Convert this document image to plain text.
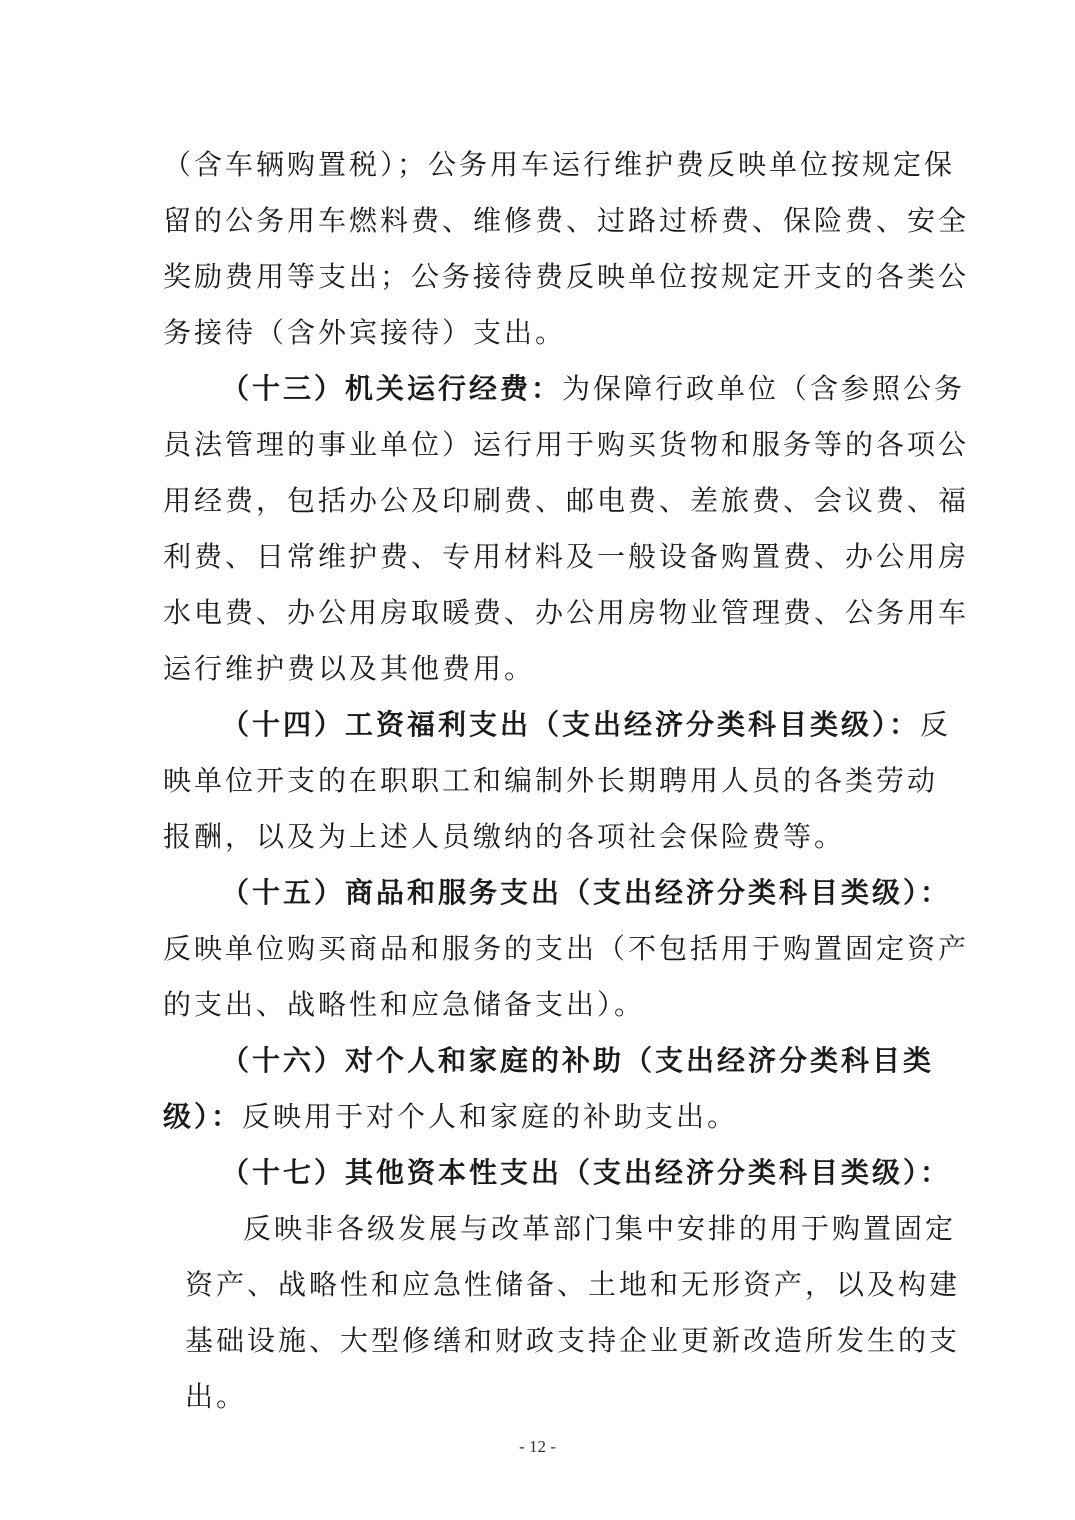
（含车辆购置税）；公务用车运行维护费反映单位按规定保
留的公务用车燃料费、维修费、过路过桥费、保险费、安全
奖励费用等支出；公务接待费反映单位按规定开支的各类公
务接待（含外宾接待）支出。
（十三）机关运行经费：为保障行政单位（含参照公务
员法管理的事业单位）运行用于购买货物和服务等的各项公
用经费，包括办公及印刷费、邮电费、差旅费、会议费、福
利费、日常维护费、专用材料及一般设备购置费、办公用房
水电费、办公用房取暖费、办公用房物业管理费、公务用车
运行维护费以及其他费用。
（十四）工资福利支出（支出经济分类科目类级）：反
映单位开支的在职职工和编制外长期聘用人员的各类劳动
报酬，以及为上述人员缴纳的各项社会保险费等。
（十五）商品和服务支出（支出经济分类科目类级）：
反映单位购买商品和服务的支出（不包括用于购置固定资产
的支出、战略性和应急储备支出）。
（十六）对个人和家庭的补助（支出经济分类科目类
级）：反映用于对个人和家庭的补助支出。
（十七）其他资本性支出（支出经济分类科目类级）：
反映非各级发展与改革部门集中安排的用于购置固定
资产、战略性和应急性储备、土地和无形资产，以及构建
基础设施、大型修缮和财政支持企业更新改造所发生的支
出。
- 12 -
